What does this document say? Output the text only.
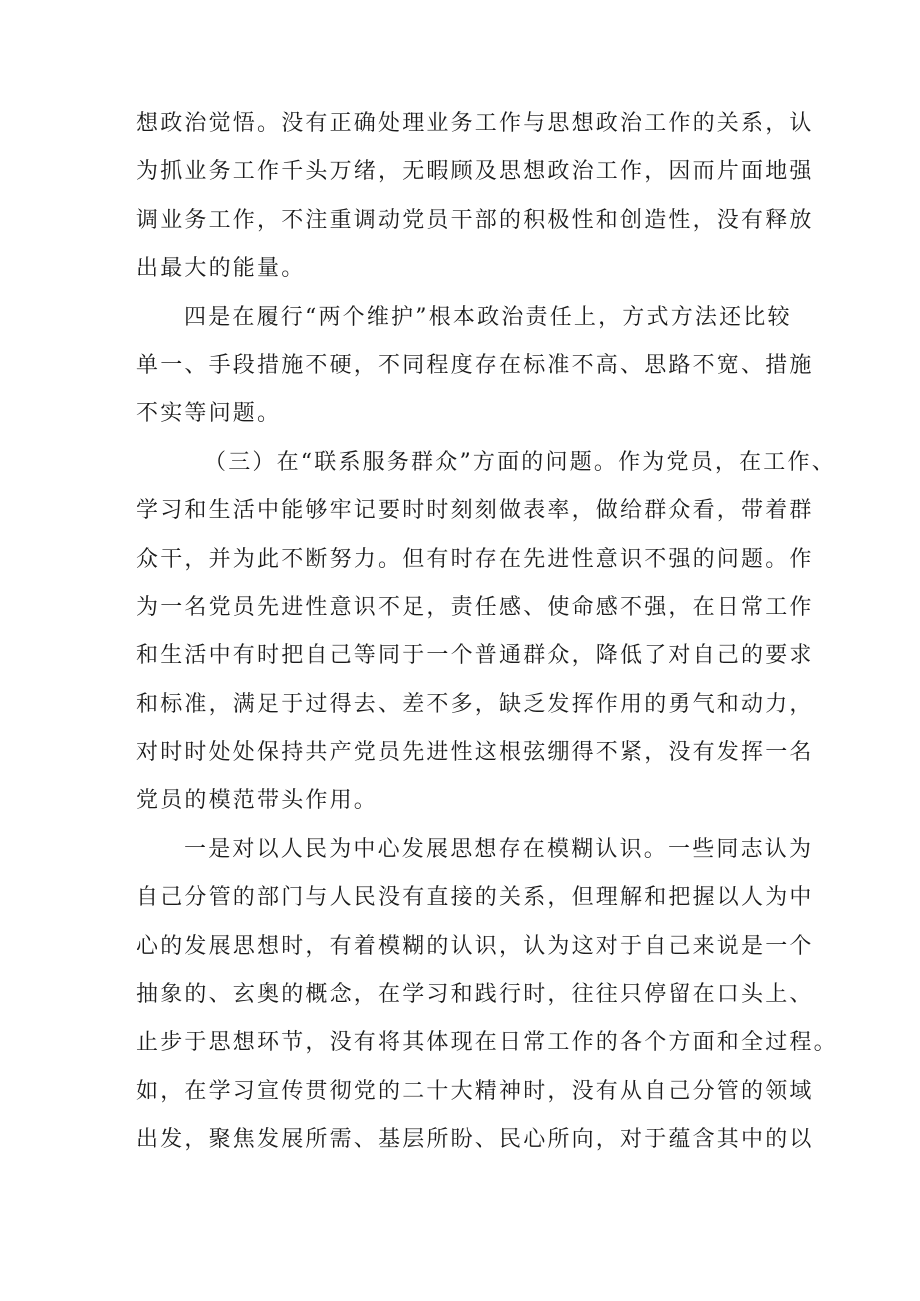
想政治觉悟。没有正确处理业务工作与思想政治工作的关系，认
为抓业务工作千头万绪，无暇顾及思想政治工作，因而片面地强
调业务工作，不注重调动党员干部的积极性和创造性，没有释放
出最大的能量。
四是在履行“两个维护”根本政治责任上，方式方法还比较
单一、手段措施不硬，不同程度存在标准不高、思路不宽、措施
不实等问题。
（三）在“联系服务群众”方面的问题。作为党员，在工作、
学习和生活中能够牢记要时时刻刻做表率，做给群众看，带着群
众干，并为此不断努力。但有时存在先进性意识不强的问题。作
为一名党员先进性意识不足，责任感、使命感不强，在日常工作
和生活中有时把自己等同于一个普通群众，降低了对自己的要求
和标准，满足于过得去、差不多，缺乏发挥作用的勇气和动力，
对时时处处保持共产党员先进性这根弦绷得不紧，没有发挥一名
党员的模范带头作用。
一是对以人民为中心发展思想存在模糊认识。一些同志认为
自己分管的部门与人民没有直接的关系，但理解和把握以人为中
心的发展思想时，有着模糊的认识，认为这对于自己来说是一个
抽象的、玄奥的概念，在学习和践行时，往往只停留在口头上、
止步于思想环节，没有将其体现在日常工作的各个方面和全过程。
如，在学习宣传贯彻党的二十大精神时，没有从自己分管的领域
出发，聚焦发展所需、基层所盼、民心所向，对于蕴含其中的以
